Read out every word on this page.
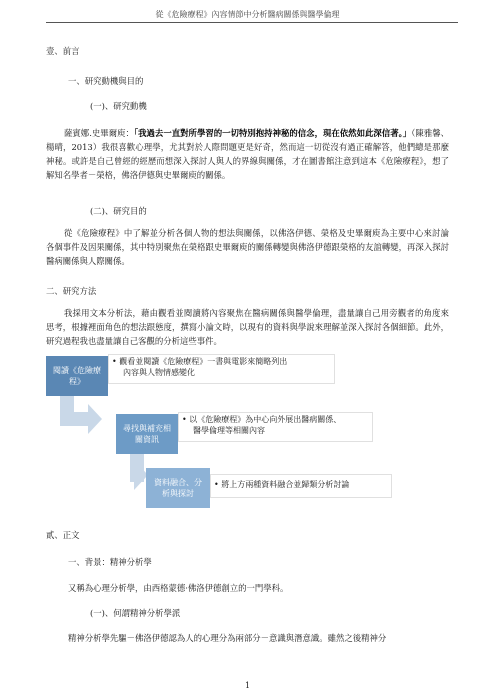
從《危險療程》內容情節中分析醫病關係與醫學倫理
壹、前言
一、研究動機與目的
(一)、研究動機
薩賓娜.史畢爾庾：「我過去一直對所學習的一切特別抱持神秘的信念，現在依然如此深信著。」（陳雅馨、楊晴，2013）我很喜歡心理學，尤其對於人際問題更是好奇，然而這一切從沒有過正確解答，他們總是那麼神秘。或許是自己曾經的經歷而想深入探討人與人的界線與關係，才在圖書館注意到這本《危險療程》，想了解知名學者－榮格，佛洛伊德與史畢爾庾的關係。
(二)、研究目的
從《危險療程》中了解並分析各個人物的想法與關係，以佛洛伊德、榮格及史畢爾庾為主要中心來討論各個事件及因果關係，其中特別聚焦在榮格跟史畢爾庾的關係轉變與佛洛伊德跟榮格的友誼轉變，再深入探討醫病關係與人際關係。
二、研究方法
我採用文本分析法，藉由觀看並閱讀將內容聚焦在醫病關係與醫學倫理，盡量讓自己用旁觀者的角度來思考，根據裡面角色的想法跟態度，撰寫小論文時，以現有的資料與學說來理解並深入探討各個細節。此外，研究過程我也盡量讓自己客觀的分析這些事件。
閱讀《危險療程》
• 觀看並閱讀《危險療程》一書與電影來簡略列出
內容與人物情感變化
尋找與補充相關資訊
• 以《危險療程》為中心向外展出醫病關係、
醫學倫理等相關內容
資料融合、分析與探討
• 將上方兩種資料融合並歸類分析討論
貳、正文
一、背景：精神分析學
又稱為心理分析學，由西格蒙德·佛洛伊德創立的一門學科。
(一)、何謂精神分析學派
精神分析學先驅－佛洛伊德認為人的心理分為兩部分－意識與潛意識。雖然之後精神分
1
